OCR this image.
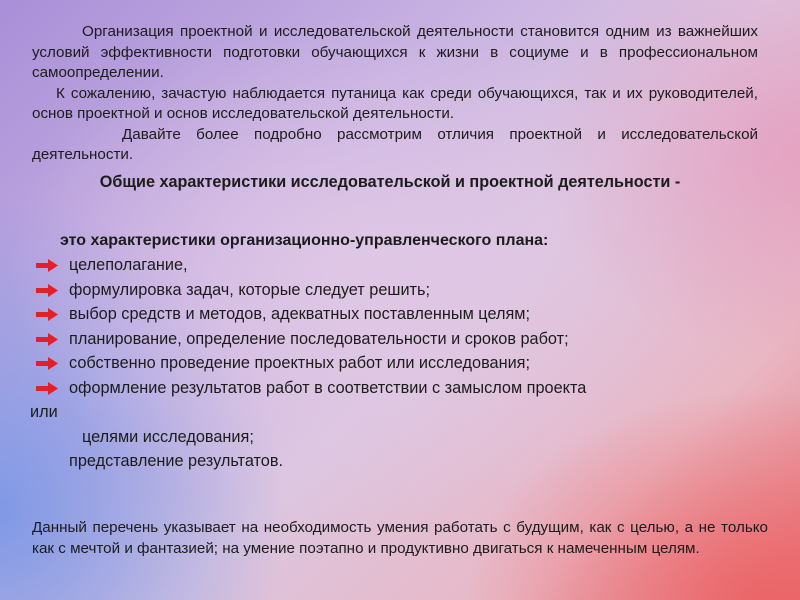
Организация проектной и исследовательской деятельности становится одним из важнейших условий эффективности подготовки обучающихся к жизни в социуме и в профессиональном самоопределении.

К сожалению, зачастую наблюдается путаница как среди обучающихся, так и их руководителей, основ проектной и основ исследовательской деятельности.

Давайте более подробно рассмотрим отличия проектной и исследовательской деятельности.

Общие характеристики исследовательской и проектной деятельности -
это характеристики организационно-управленческого плана:
целеполагание,
формулировка задач, которые следует решить;
выбор средств и методов, адекватных поставленным целям;
планирование, определение последовательности и сроков работ;
собственно проведение проектных работ или исследования;
оформление результатов работ в соответствии с замыслом проекта
или
целями исследования;
представление результатов.
Данный перечень указывает на необходимость умения работать с будущим, как с целью, а не только как с мечтой и фантазией; на умение поэтапно и продуктивно двигаться к намеченным целям.
